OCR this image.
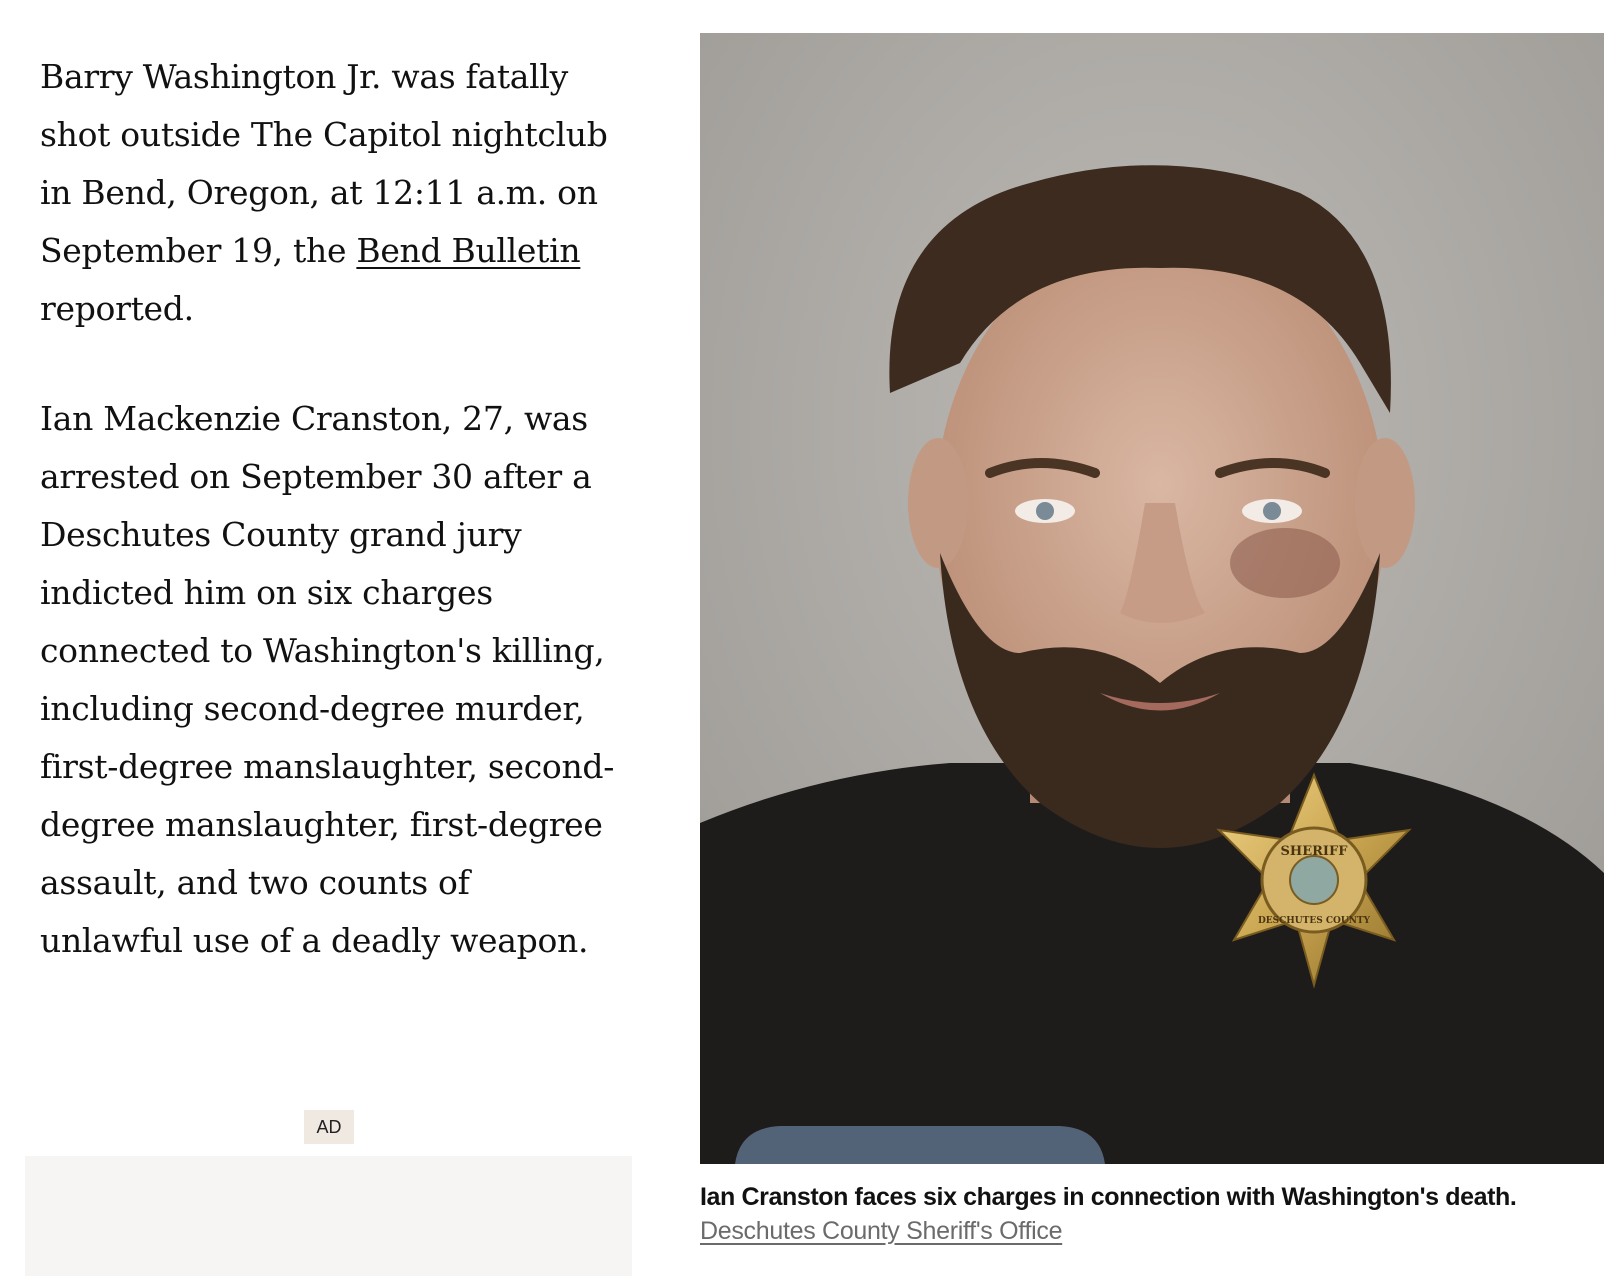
Barry Washington Jr. was fatally shot outside The Capitol nightclub in Bend, Oregon, at 12:11 a.m. on September 19, the Bend Bulletin reported.

Ian Mackenzie Cranston, 27, was arrested on September 30 after a Deschutes County grand jury indicted him on six charges connected to Washington's killing, including second-degree murder, first-degree manslaughter, second-degree manslaughter, first-degree assault, and two counts of unlawful use of a deadly weapon.

AD
SHERIFF
DESCHUTES COUNTY
Ian Cranston faces six charges in connection with Washington's death.
Deschutes County Sheriff's Office
